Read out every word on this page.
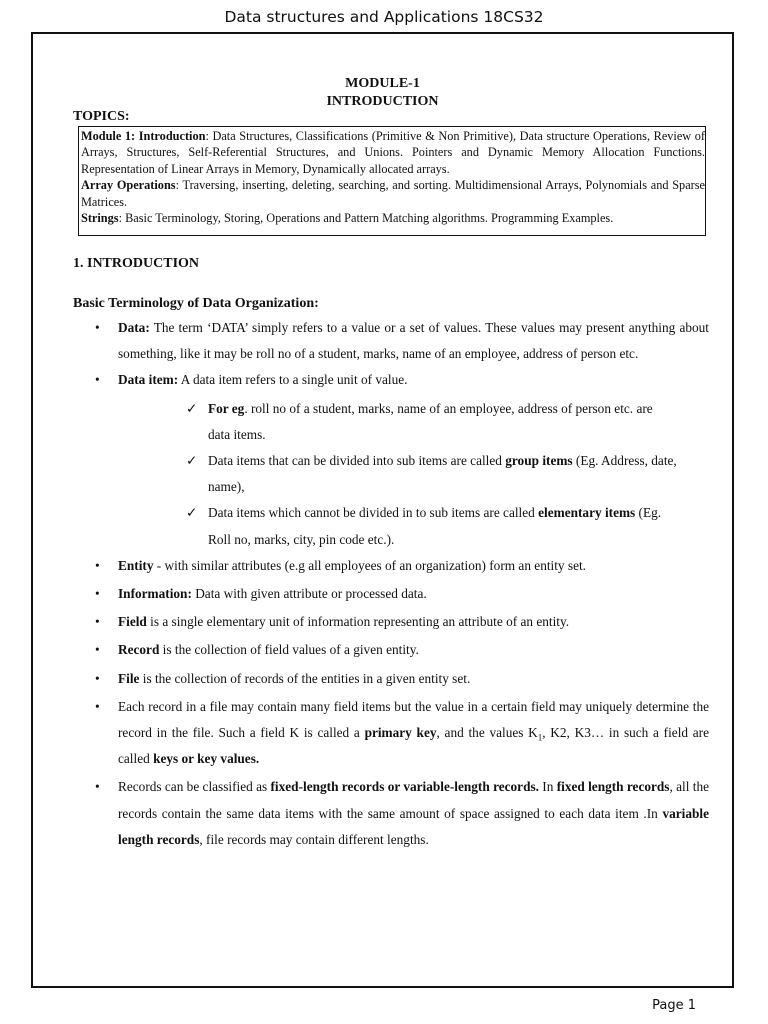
Data structures and Applications 18CS32
MODULE-1
INTRODUCTION
TOPICS:

Module 1: Introduction: Data Structures, Classifications (Primitive & Non Primitive), Data structure Operations, Review of Arrays, Structures, Self-Referential Structures, and Unions. Pointers and Dynamic Memory Allocation Functions. Representation of Linear Arrays in Memory, Dynamically allocated arrays.

Array Operations: Traversing, inserting, deleting, searching, and sorting. Multidimensional Arrays, Polynomials and Sparse Matrices.

Strings: Basic Terminology, Storing, Operations and Pattern Matching algorithms. Programming Examples.

1. INTRODUCTION
Basic Terminology of Data Organization:

• Data: The term ‘DATA’ simply refers to a value or a set of values. These values may present anything about something, like it may be roll no of a student, marks, name of an employee, address of person etc.

• Data item: A data item refers to a single unit of value.

✓ For eg. roll no of a student, marks, name of an employee, address of person etc. are data items.

✓ Data items that can be divided into sub items are called group items (Eg. Address, date, name),

✓ Data items which cannot be divided in to sub items are called elementary items (Eg. Roll no, marks, city, pin code etc.).

• Entity - with similar attributes (e.g all employees of an organization) form an entity set.

• Information: Data with given attribute or processed data.

• Field is a single elementary unit of information representing an attribute of an entity.

• Record is the collection of field values of a given entity.

• File is the collection of records of the entities in a given entity set.

• Each record in a file may contain many field items but the value in a certain field may uniquely determine the record in the file. Such a field K is called a primary key, and the values $K_1$, K2, K3… in such a field are called keys or key values.

• Records can be classified as fixed-length records or variable-length records. In fixed length records, all the records contain the same data items with the same amount of space assigned to each data item .In variable length records, file records may contain different lengths.

Page 1
